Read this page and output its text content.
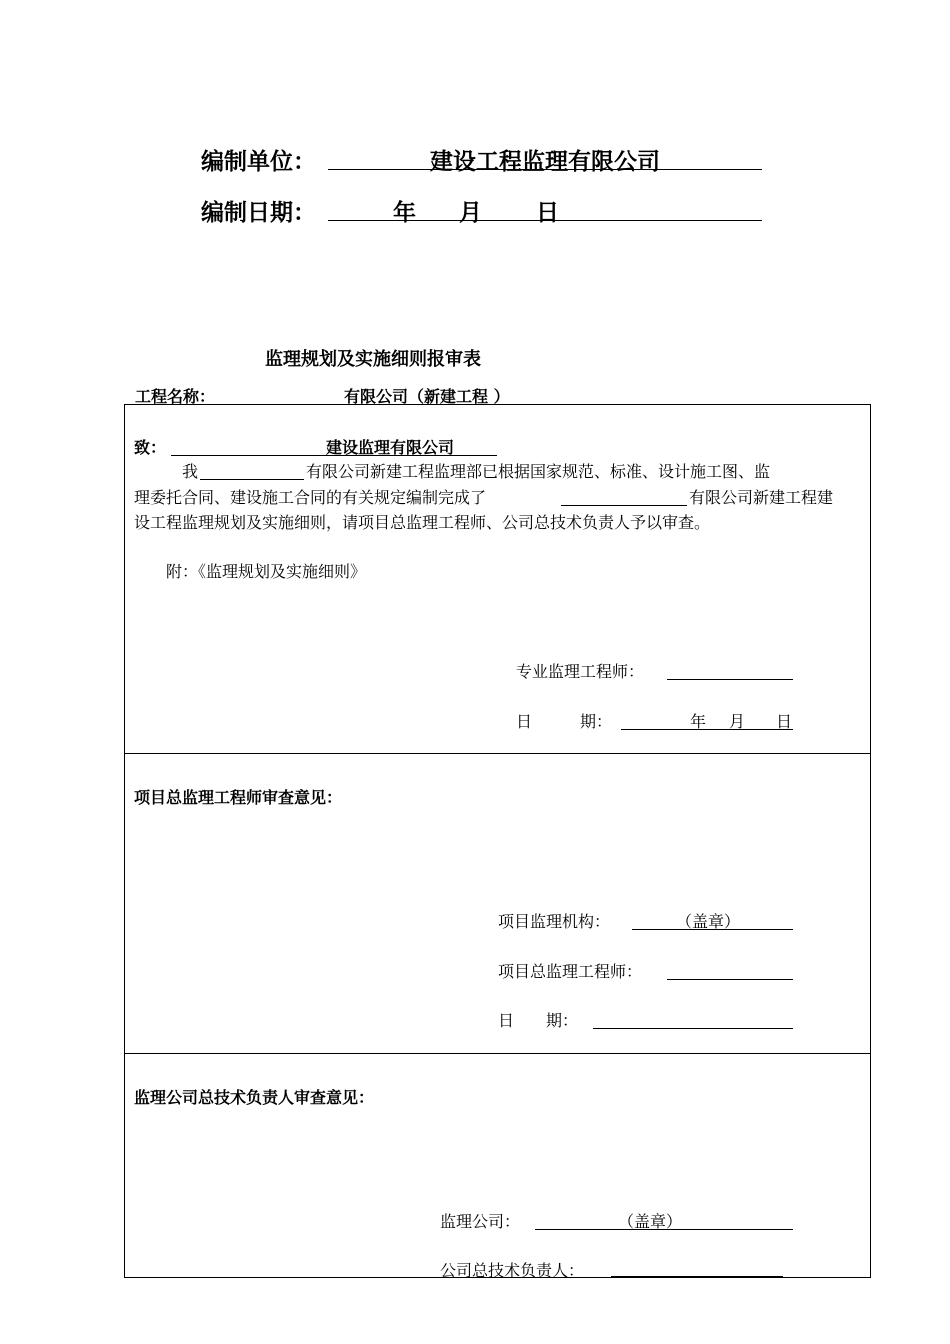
编制单位：	建设工程监理有限公司
编制日期：	年 月 日
监理规划及实施细则报审表
工程名称：	有限公司（新建工程 ）
致：	建设监理有限公司
我	有限公司新建工程监理部已根据国家规范、标准、设计施工图、监
理委托合同、建设施工合同的有关规定编制完成了	有限公司新建工程建
设工程监理规划及实施细则，请项目总监理工程师、公司总技术负责人予以审查。
附：《监理规划及实施细则》
专业监理工程师：
日　　　期：	年 月 日
项目总监理工程师审查意见：
项目监理机构：	（盖章）
项目总监理工程师：
日　　期：
监理公司总技术负责人审查意见：
监理公司：	（盖章）
公司总技术负责人：
